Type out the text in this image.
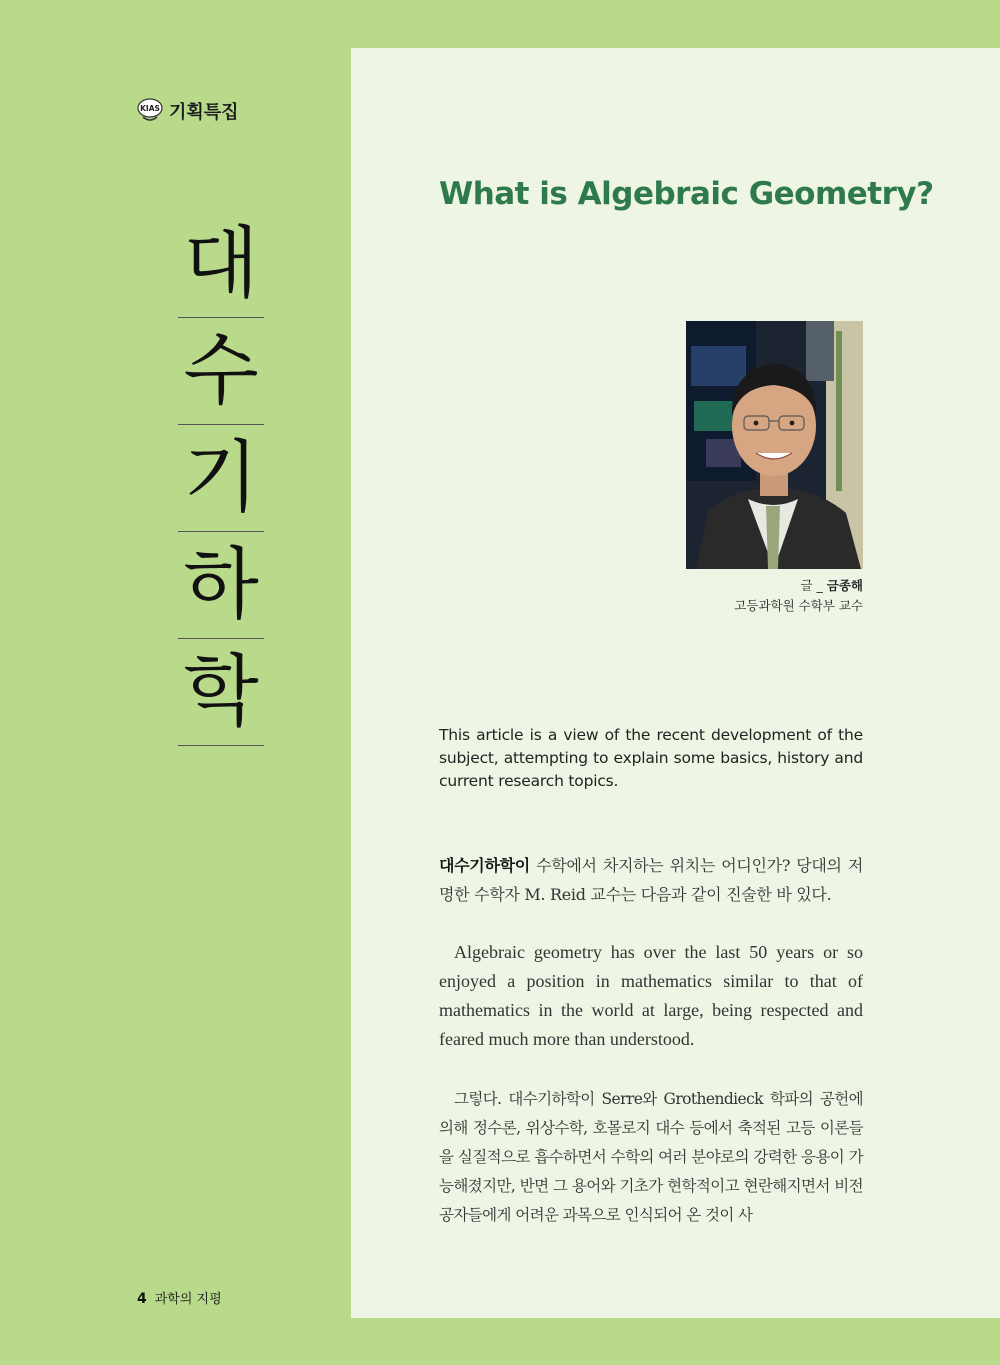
KIAS 기획특집
대
수
기
하
학
What is Algebraic Geometry?
글 _ 금종해
고등과학원 수학부 교수
This article is a view of the recent development of the subject, attempting to explain some basics, history and current research topics.
대수기하학이 수학에서 차지하는 위치는 어디인가? 당대의 저명한 수학자 M. Reid 교수는 다음과 같이 진술한 바 있다.
Algebraic geometry has over the last 50 years or so enjoyed a position in mathematics similar to that of mathematics in the world at large, being respected and feared much more than understood.
그렇다. 대수기하학이 Serre와 Grothendieck 학파의 공헌에 의해 정수론, 위상수학, 호몰로지 대수 등에서 축적된 고등 이론들을 실질적으로 흡수하면서 수학의 여러 분야로의 강력한 응용이 가능해졌지만, 반면 그 용어와 기초가 현학적이고 현란해지면서 비전공자들에게 어려운 과목으로 인식되어 온 것이 사
4 과학의 지평
